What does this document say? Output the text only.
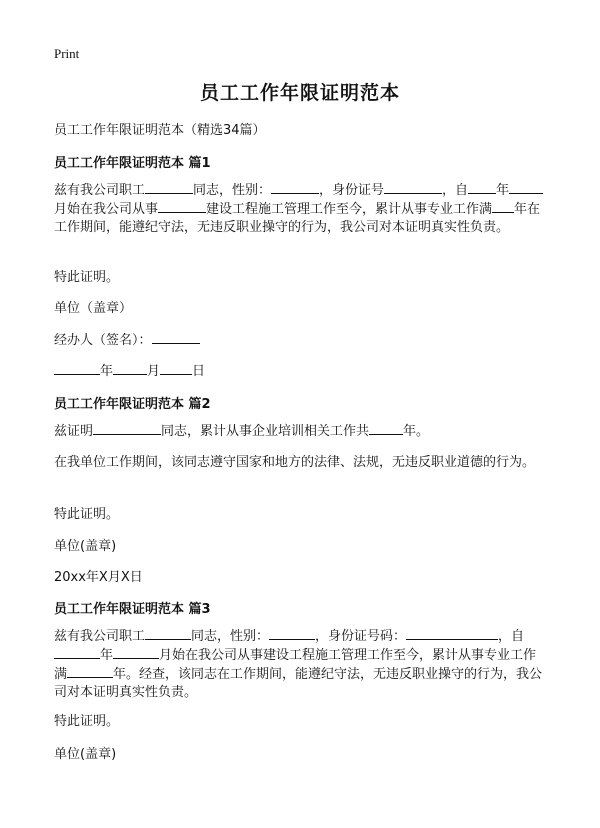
Print
员工工作年限证明范本
员工工作年限证明范本（精选34篇）
员工工作年限证明范本 篇1
兹有我公司职工	同志，性别：	，身份证号	，自 年月始在我公司从事	建设工程施工管理工作至今，累计从事专业工作满 年在工作期间，能遵纪守法，无违反职业操守的行为，我公司对本证明真实性负责。
特此证明。
单位（盖章）
经办人（签名）：
年	月 日
员工工作年限证明范本 篇2
兹证明	同志，累计从事企业培训相关工作共	年。
在我单位工作期间，该同志遵守国家和地方的法律、法规，无违反职业道德的行为。
特此证明。
单位(盖章)
20xx年X月X日
员工工作年限证明范本 篇3
兹有我公司职工	同志，性别：	，身份证号码：	，自年	月始在我公司从事建设工程施工管理工作至今，累计从事专业工作满	年。经查，该同志在工作期间，能遵纪守法，无违反职业操守的行为，我公司对本证明真实性负责。
特此证明。
单位(盖章)
